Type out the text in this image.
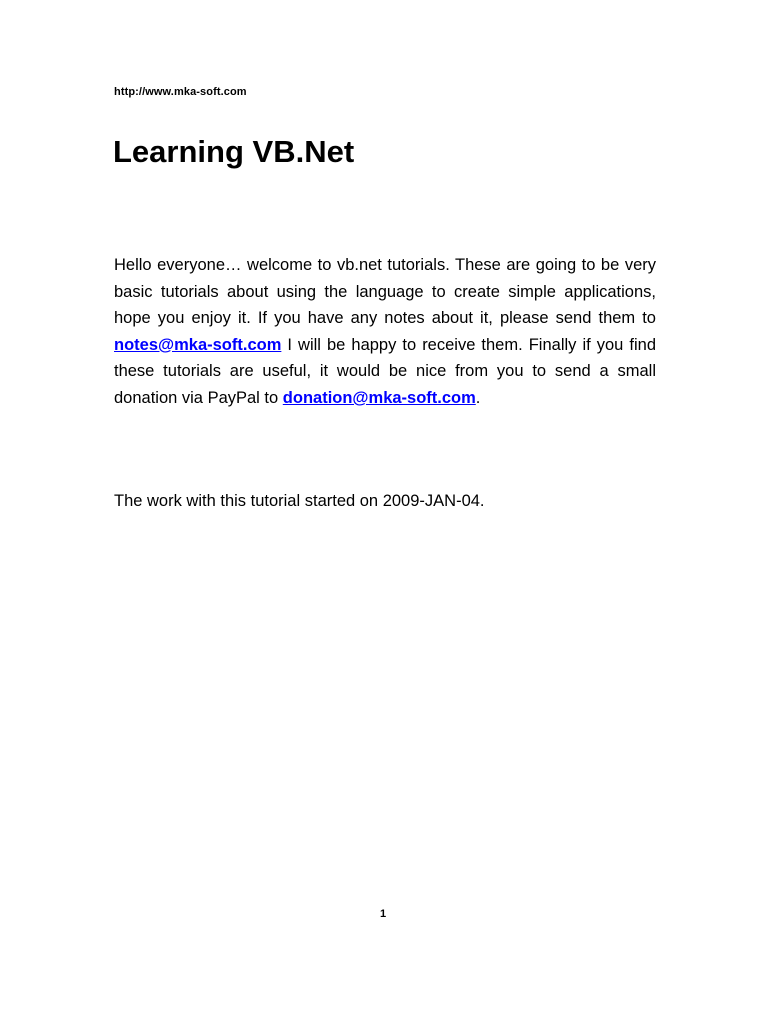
http://www.mka-soft.com
Learning VB.Net

Hello everyone… welcome to vb.net tutorials. These are going to be very basic tutorials about using the language to create simple applications, hope you enjoy it. If you have any notes about it, please send them to notes@mka-soft.com I will be happy to receive them. Finally if you find these tutorials are useful, it would be nice from you to send a small donation via PayPal to donation@mka-soft.com.

The work with this tutorial started on 2009-JAN-04.

1
